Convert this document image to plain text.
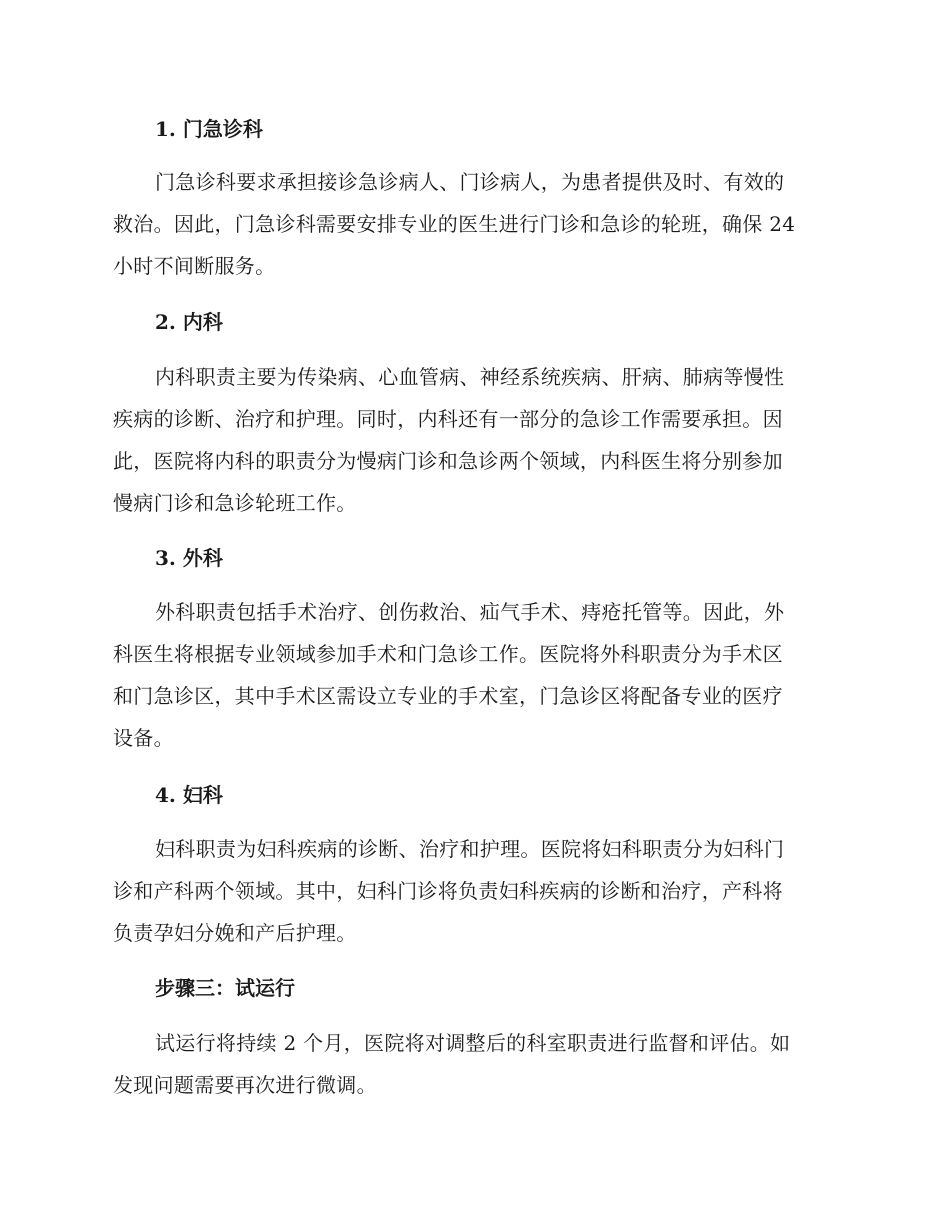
1. 门急诊科
门急诊科要求承担接诊急诊病人、门诊病人，为患者提供及时、有效的
救治。因此，门急诊科需要安排专业的医生进行门诊和急诊的轮班，确保 24
小时不间断服务。
2. 内科
内科职责主要为传染病、心血管病、神经系统疾病、肝病、肺病等慢性
疾病的诊断、治疗和护理。同时，内科还有一部分的急诊工作需要承担。因
此，医院将内科的职责分为慢病门诊和急诊两个领域，内科医生将分别参加
慢病门诊和急诊轮班工作。
3. 外科
外科职责包括手术治疗、创伤救治、疝气手术、痔疮托管等。因此，外
科医生将根据专业领域参加手术和门急诊工作。医院将外科职责分为手术区
和门急诊区，其中手术区需设立专业的手术室，门急诊区将配备专业的医疗
设备。
4. 妇科
妇科职责为妇科疾病的诊断、治疗和护理。医院将妇科职责分为妇科门
诊和产科两个领域。其中，妇科门诊将负责妇科疾病的诊断和治疗，产科将
负责孕妇分娩和产后护理。
步骤三：试运行
试运行将持续 2 个月，医院将对调整后的科室职责进行监督和评估。如
发现问题需要再次进行微调。
